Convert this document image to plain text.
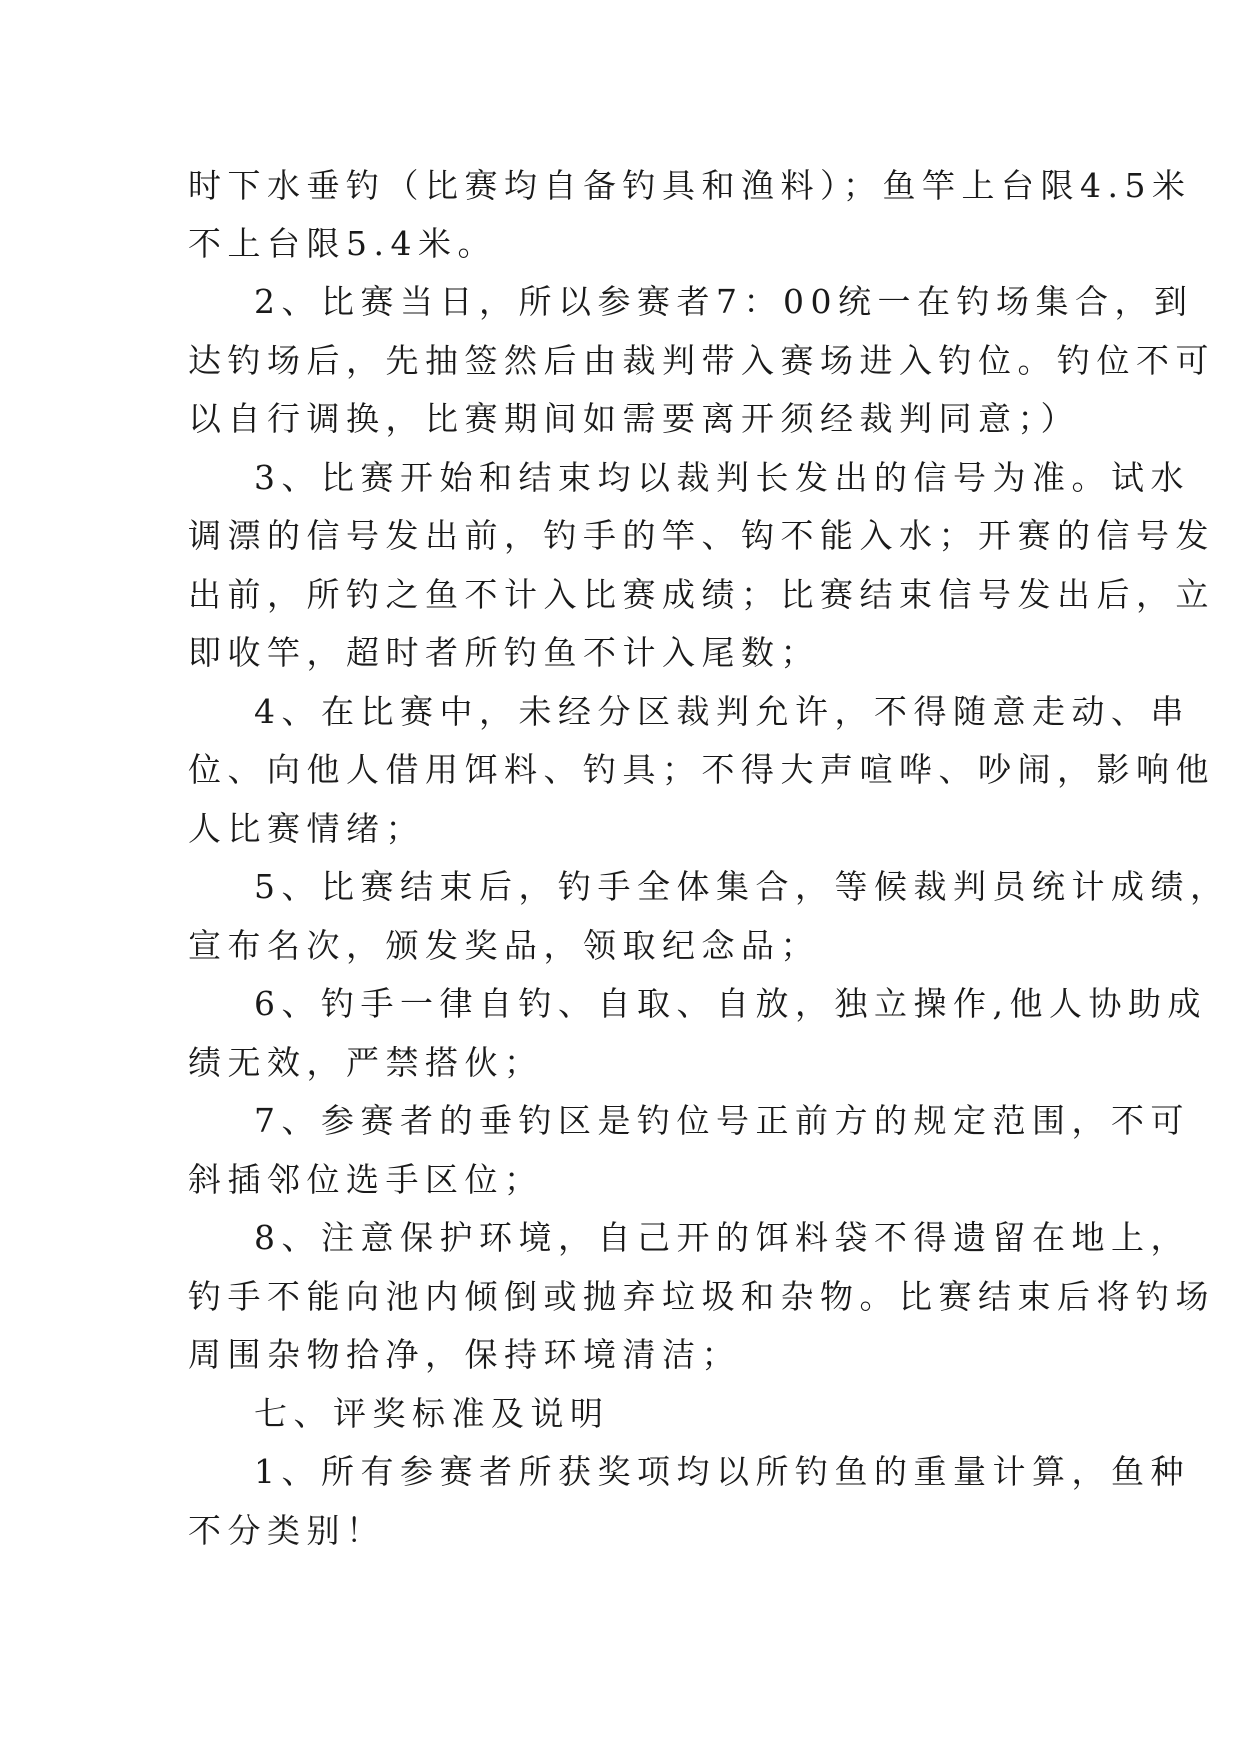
时下水垂钓（比赛均自备钓具和渔料）；鱼竿上台限4.5米
不上台限5.4米。
2、比赛当日，所以参赛者7：00统一在钓场集合，到
达钓场后，先抽签然后由裁判带入赛场进入钓位。钓位不可
以自行调换，比赛期间如需要离开须经裁判同意；）
3、比赛开始和结束均以裁判长发出的信号为准。试水
调漂的信号发出前，钓手的竿、钩不能入水；开赛的信号发
出前，所钓之鱼不计入比赛成绩；比赛结束信号发出后，立
即收竿，超时者所钓鱼不计入尾数；
4、在比赛中，未经分区裁判允许，不得随意走动、串
位、向他人借用饵料、钓具；不得大声喧哗、吵闹，影响他
人比赛情绪；
5、比赛结束后，钓手全体集合，等候裁判员统计成绩，
宣布名次，颁发奖品，领取纪念品；
6、钓手一律自钓、自取、自放，独立操作,他人协助成
绩无效，严禁搭伙；
7、参赛者的垂钓区是钓位号正前方的规定范围，不可
斜插邻位选手区位；
8、注意保护环境，自己开的饵料袋不得遗留在地上，
钓手不能向池内倾倒或抛弃垃圾和杂物。比赛结束后将钓场
周围杂物拾净，保持环境清洁；
七、评奖标准及说明
1、所有参赛者所获奖项均以所钓鱼的重量计算，鱼种
不分类别！
